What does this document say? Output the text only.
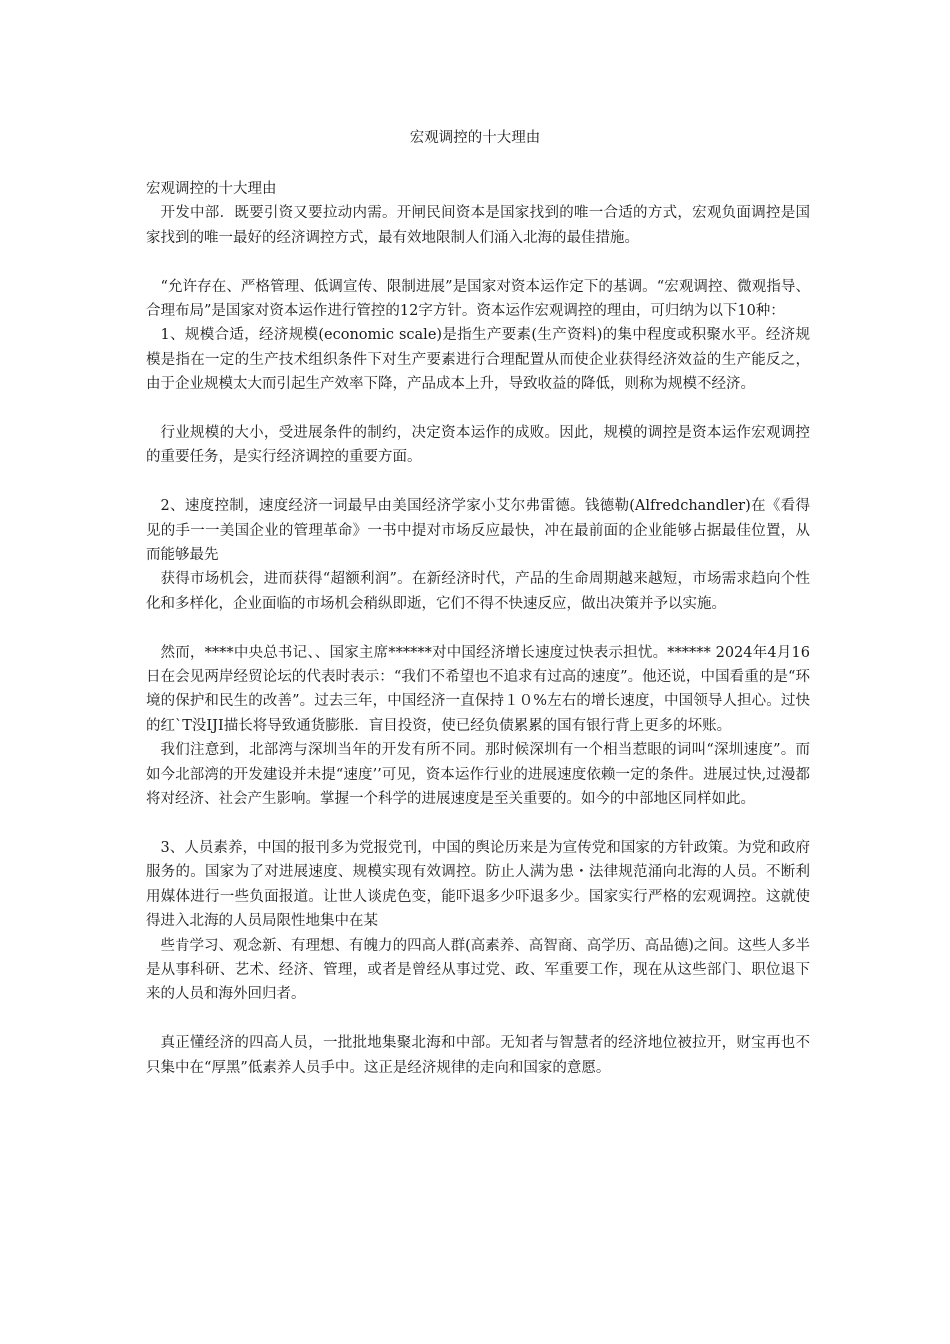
宏观调控的十大理由

宏观调控的十大理由

开发中部．既要引资又要拉动内需。开闸民间资本是国家找到的唯一合适的方式，宏观负面调控是国家找到的唯一最好的经济调控方式，最有效地限制人们涌入北海的最佳措施。

“允许存在、严格管理、低调宣传、限制进展”是国家对资本运作定下的基调。“宏观调控、微观指导、合理布局”是国家对资本运作进行管控的12字方针。资本运作宏观调控的理由，可归纳为以下10种：

1、规模合适，经济规模(economic scale)是指生产要素(生产资料)的集中程度或积聚水平。经济规模是指在一定的生产技术组织条件下对生产要素进行合理配置从而使企业获得经济效益的生产能反之，由于企业规模太大而引起生产效率下降，产品成本上升，导致收益的降低，则称为规模不经济。

行业规模的大小，受进展条件的制约，决定资本运作的成败。因此，规模的调控是资本运作宏观调控的重要任务，是实行经济调控的重要方面。

2、速度控制，速度经济一词最早由美国经济学家小艾尔弗雷德。钱德勒(Alfredchandler)在《看得见的手一一美国企业的管理革命》一书中提对市场反应最快，冲在最前面的企业能够占据最佳位置，从而能够最先

获得市场机会，进而获得“超额利润”。在新经济时代，产品的生命周期越来越短，市场需求趋向个性化和多样化，企业面临的市场机会稍纵即逝，它们不得不快速反应，做出决策并予以实施。

然而，****中央总书记、、国家主席******对中国经济增长速度过快表示担忧。****** 2024年4月16日在会见两岸经贸论坛的代表时表示：“我们不希望也不追求有过高的速度”。他还说，中国看重的是“环境的保护和民生的改善”。过去三年，中国经济一直保持１０%左右的增长速度，中国领导人担心。过快的红`T没IJI描长将导致通货膨胀．盲目投资，使已经负债累累的国有银行背上更多的坏账。

我们注意到，北部湾与深圳当年的开发有所不同。那时候深圳有一个相当惹眼的词叫“深圳速度”。而如今北部湾的开发建设并未提“速度’’可见，资本运作行业的进展速度依赖一定的条件。进展过快,过漫都将对经济、社会产生影响。掌握一个科学的进展速度是至关重要的。如今的中部地区同样如此。

3、人员素养，中国的报刊多为党报党刊，中国的舆论历来是为宣传党和国家的方针政策。为党和政府服务的。国家为了对进展速度、规模实现有效调控。防止人满为患・法律规范涌向北海的人员。不断利用媒体进行一些负面报道。让世人谈虎色变，能吓退多少吓退多少。国家实行严格的宏观调控。这就使得进入北海的人员局限性地集中在某

些肯学习、观念新、有理想、有魄力的四高人群(高素养、高智商、高学历、高品德)之间。这些人多半是从事科研、艺术、经济、管理，或者是曾经从事过党、政、军重要工作，现在从这些部门、职位退下来的人员和海外回归者。

真正懂经济的四高人员，一批批地集聚北海和中部。无知者与智慧者的经济地位被拉开，财宝再也不只集中在“厚黑”低素养人员手中。这正是经济规律的走向和国家的意愿。
